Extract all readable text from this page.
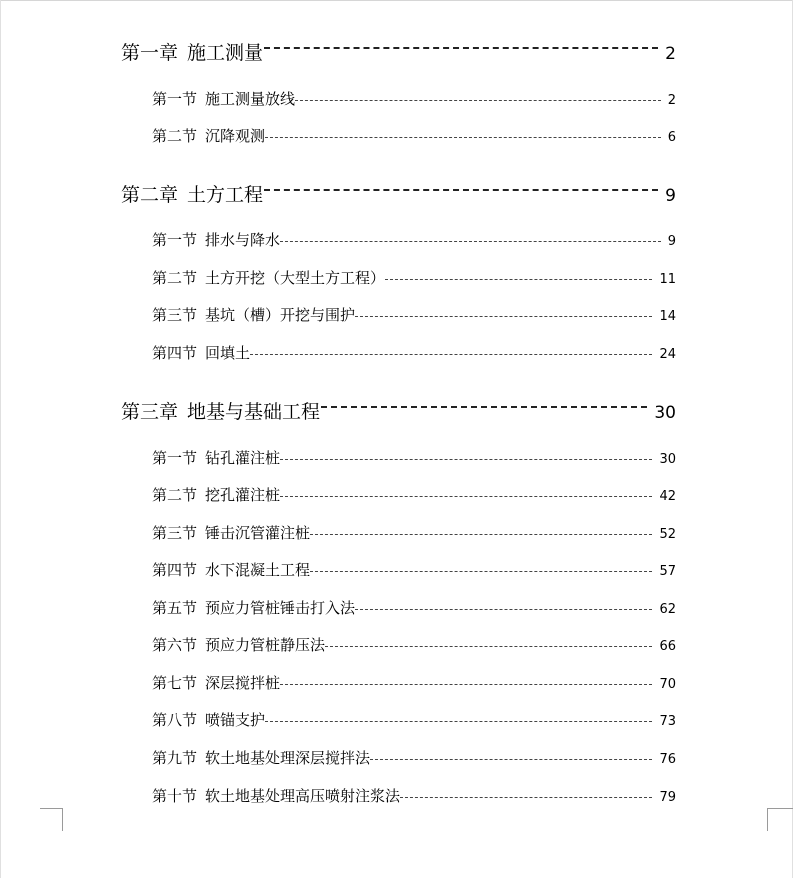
第一章 施工测量	2
第一节 施工测量放线	2
第二节 沉降观测	6
第二章 土方工程	9
第一节 排水与降水	9
第二节 土方开挖（大型土方工程）	11
第三节 基坑（槽）开挖与围护	14
第四节 回填土	24
第三章 地基与基础工程	30
第一节 钻孔灌注桩	30
第二节 挖孔灌注桩	42
第三节 锤击沉管灌注桩	52
第四节 水下混凝土工程	57
第五节 预应力管桩锤击打入法	62
第六节 预应力管桩静压法	66
第七节 深层搅拌桩	70
第八节 喷锚支护	73
第九节 软土地基处理深层搅拌法	76
第十节 软土地基处理高压喷射注浆法	79
